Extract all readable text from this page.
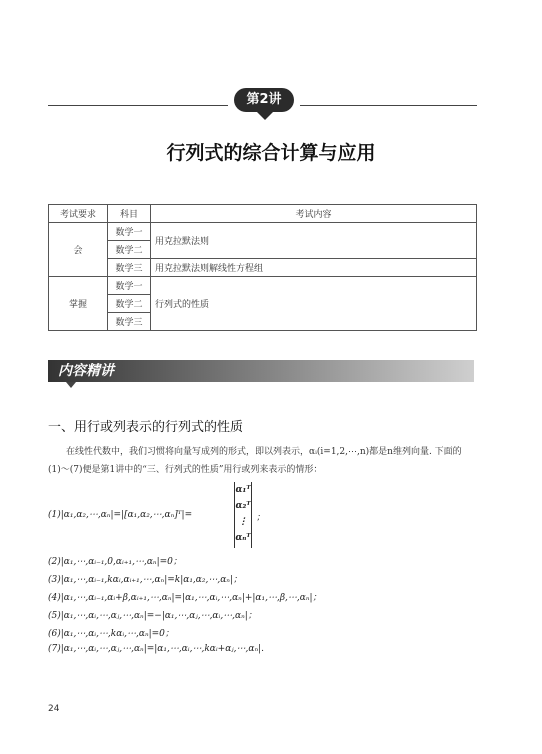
第2讲
行列式的综合计算与应用
考试要求	科目	考试内容
会	数学一	用克拉默法则
	数学二	
	数学三	用克拉默法则解线性方程组
掌握	数学一	行列式的性质
	数学二	
	数学三	
内容精讲
一、用行或列表示的行列式的性质
在线性代数中，我们习惯将向量写成列的形式，即以列表示，αᵢ(i=1,2,⋯,n)都是n维列向量. 下面的
(1)～(7)便是第1讲中的“三、行列式的性质”用行或列来表示的情形：
(1)|α₁,α₂,⋯,αₙ|=|[α₁,α₂,⋯,αₙ]ᵀ|=
α₁ᵀ
α₂ᵀ
⋮
αₙᵀ
；
(2)|α₁,⋯,αᵢ₋₁,0,αᵢ₊₁,⋯,αₙ|=0；
(3)|α₁,⋯,αᵢ₋₁,kαᵢ,αᵢ₊₁,⋯,αₙ|=k|α₁,α₂,⋯,αₙ|；
(4)|α₁,⋯,αᵢ₋₁,αᵢ+β,αᵢ₊₁,⋯,αₙ|=|α₁,⋯,αᵢ,⋯,αₙ|+|α₁,⋯,β,⋯,αₙ|；
(5)|α₁,⋯,αᵢ,⋯,αⱼ,⋯,αₙ|=−|α₁,⋯,αⱼ,⋯,αᵢ,⋯,αₙ|；
(6)|α₁,⋯,αᵢ,⋯,kαᵢ,⋯,αₙ|=0；
(7)|α₁,⋯,αᵢ,⋯,αⱼ,⋯,αₙ|=|α₁,⋯,αᵢ,⋯,kαᵢ+αⱼ,⋯,αₙ|.
24
